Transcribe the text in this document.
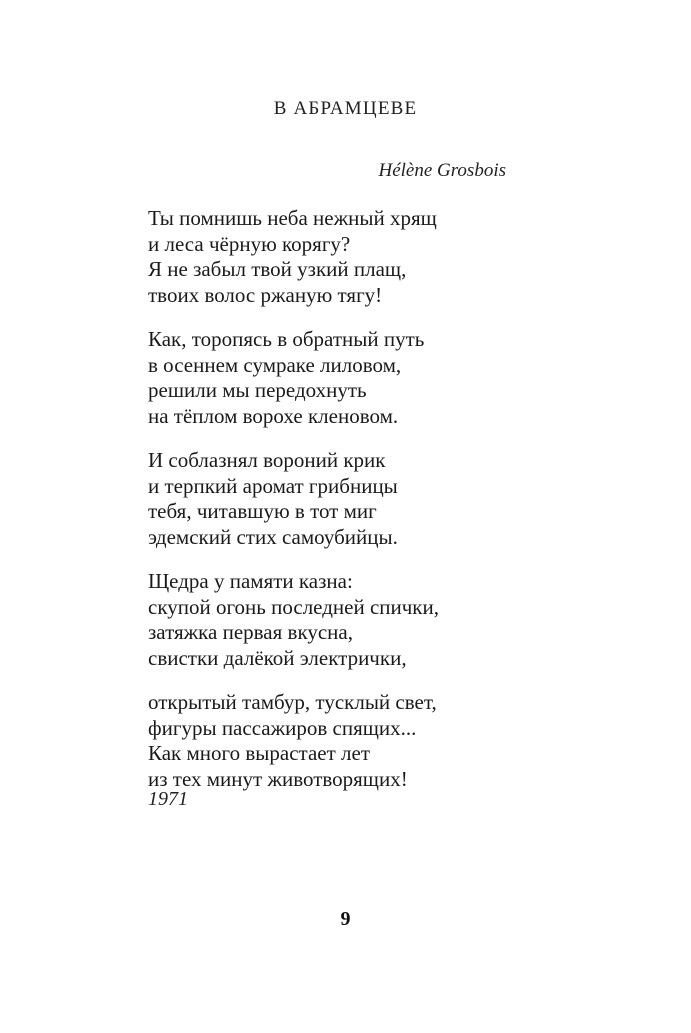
В АБРАМЦЕВЕ

Hélène Grosbois

Ты помнишь неба нежный хрящ
и леса чёрную корягу?
Я не забыл твой узкий плащ,
твоих волос ржаную тягу!
Как, торопясь в обратный путь
в осеннем сумраке лиловом,
решили мы передохнуть
на тёплом ворохе кленовом.
И соблазнял вороний крик
и терпкий аромат грибницы
тебя, читавшую в тот миг
эдемский стих самоубийцы.
Щедра у памяти казна:
скупой огонь последней спички,
затяжка первая вкусна,
свистки далёкой электрички,
открытый тамбур, тусклый свет,
фигуры пассажиров спящих...
Как много вырастает лет
из тех минут животворящих!

1971

9
